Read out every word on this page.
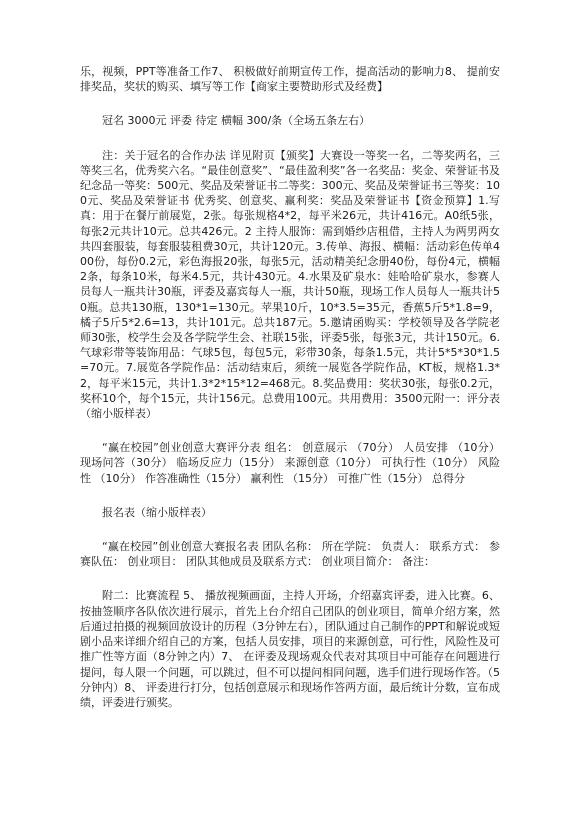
乐，视频，PPT等准备工作7、 积极做好前期宣传工作，提高活动的影响力8、 提前安排奖品，奖状的购买、填写等工作【商家主要赞助形式及经费】

冠名 3000元 评委 待定 横幅 300/条（全场五条左右）

注：关于冠名的合作办法 详见附页【颁奖】大赛设一等奖一名，二等奖两名，三等奖三名，优秀奖六名。“最佳创意奖”、“最佳盈利奖”各一名奖品：奖金、荣誉证书及纪念品一等奖：500元、奖品及荣誉证书二等奖：300元、奖品及荣誉证书三等奖：100元、奖品及荣誉证书 优秀奖、创意奖、赢利奖：奖品及荣誉证书【资金预算】1.写真：用于在餐厅前展览，2张。每张规格4*2，每平米26元，共计416元。A0纸5张，每张2元共计10元。总共426元。2 主持人服饰：需到婚纱店租借，主持人为两男两女共四套服装，每套服装租费30元，共计120元。3.传单、海报、横幅：活动彩色传单400份，每份0.2元，彩色海报20张，每张5元，活动精美纪念册40份，每份4元，横幅2条，每条10米，每米4.5元，共计430元。4.水果及矿泉水：娃哈哈矿泉水，参赛人员每人一瓶共计30瓶，评委及嘉宾每人一瓶，共计50瓶，现场工作人员每人一瓶共计50瓶。总共130瓶，130*1=130元。苹果10斤，10*3.5=35元，香蕉5斤5*1.8=9，橘子5斤5*2.6=13，共计101元。总共187元。5.邀请函购买：学校领导及各学院老师30张，校学生会及各学院学生会、社联15张，评委5张，每张3元，共计150元。6.气球彩带等装饰用品：气球5包，每包5元，彩带30条，每条1.5元，共计5*5*30*1.5=70元。7.展览各学院作品：活动结束后，须统一展览各学院作品，KT板，规格1.3*2，每平米15元，共计1.3*2*15*12=468元。8.奖品费用：奖状30张，每张0.2元，奖杯10个，每个15元，共计156元。总费用100元。共用费用：3500元附一：评分表（缩小版样表）

“赢在校园”创业创意大赛评分表 组名： 创意展示 （70分） 人员安排 （10分） 现场问答（30分） 临场反应力（15分） 来源创意（10分） 可执行性（10分） 风险性 （10分） 作答准确性（15分） 赢利性 （15分） 可推广性（15分） 总得分

报名表（缩小版样表）

“赢在校园”创业创意大赛报名表 团队名称： 所在学院： 负责人： 联系方式： 参赛队伍： 创业项目： 团队其他成员及联系方式： 创业项目简介： 备注：

附二：比赛流程 5、 播放视频画面，主持人开场，介绍嘉宾评委，进入比赛。6、 按抽签顺序各队依次进行展示，首先上台介绍自己团队的创业项目，简单介绍方案，然后通过拍摄的视频回放设计的历程（3分钟左右），团队通过自己制作的PPT和解说或短剧小品来详细介绍自己的方案，包括人员安排，项目的来源创意，可行性，风险性及可推广性等方面（8分钟之内）7、 在评委及现场观众代表对其项目中可能存在问题进行提问，每人限一个问题，可以跳过，但不可以提问相同问题，选手们进行现场作答。（5分钟内）8、 评委进行打分，包括创意展示和现场作答两方面，最后统计分数，宣布成绩，评委进行颁奖。
